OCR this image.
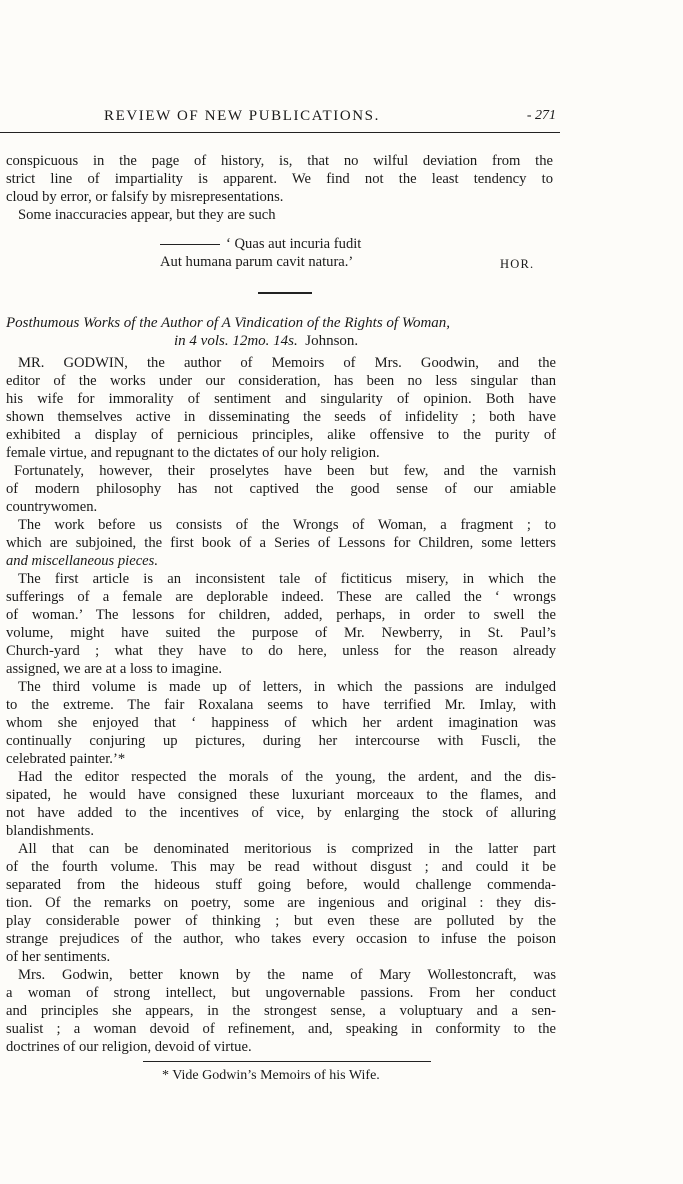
REVIEW OF NEW PUBLICATIONS.	- 271
conspicuous in the page of history, is, that no wilful deviation from the
strict line of impartiality is apparent. We find not the least tendency to
cloud by error, or falsify by misrepresentations.
Some inaccuracies appear, but they are such
‘ Quas aut incuria fudit
Aut humana parum cavit natura.’	HOR.
Posthumous Works of the Author of A Vindication of the Rights of Woman,
in 4 vols. 12mo. 14s. Johnson.
MR. GODWIN, the author of Memoirs of Mrs. Goodwin, and the
editor of the works under our consideration, has been no less singular than
his wife for immorality of sentiment and singularity of opinion. Both have
shown themselves active in disseminating the seeds of infidelity ; both have
exhibited a display of pernicious principles, alike offensive to the purity of
female virtue, and repugnant to the dictates of our holy religion.
Fortunately, however, their proselytes have been but few, and the varnish
of modern philosophy has not captived the good sense of our amiable
countrywomen.
The work before us consists of the Wrongs of Woman, a fragment ; to
which are subjoined, the first book of a Series of Lessons for Children, some letters
and miscellaneous pieces.
The first article is an inconsistent tale of fictiticus misery, in which the
sufferings of a female are deplorable indeed. These are called the ‘ wrongs
of woman.’ The lessons for children, added, perhaps, in order to swell the
volume, might have suited the purpose of Mr. Newberry, in St. Paul’s
Church-yard ; what they have to do here, unless for the reason already
assigned, we are at a loss to imagine.
The third volume is made up of letters, in which the passions are indulged
to the extreme. The fair Roxalana seems to have terrified Mr. Imlay, with
whom she enjoyed that ‘ happiness of which her ardent imagination was
continually conjuring up pictures, during her intercourse with Fuscli, the
celebrated painter.’*
Had the editor respected the morals of the young, the ardent, and the dis-
sipated, he would have consigned these luxuriant morceaux to the flames, and
not have added to the incentives of vice, by enlarging the stock of alluring
blandishments.
All that can be denominated meritorious is comprized in the latter part
of the fourth volume. This may be read without disgust ; and could it be
separated from the hideous stuff going before, would challenge commenda-
tion. Of the remarks on poetry, some are ingenious and original : they dis-
play considerable power of thinking ; but even these are polluted by the
strange prejudices of the author, who takes every occasion to infuse the poison
of her sentiments.
Mrs. Godwin, better known by the name of Mary Wollestoncraft, was
a woman of strong intellect, but ungovernable passions. From her conduct
and principles she appears, in the strongest sense, a voluptuary and a sen-
sualist ; a woman devoid of refinement, and, speaking in conformity to the
doctrines of our religion, devoid of virtue.
* Vide Godwin’s Memoirs of his Wife.
